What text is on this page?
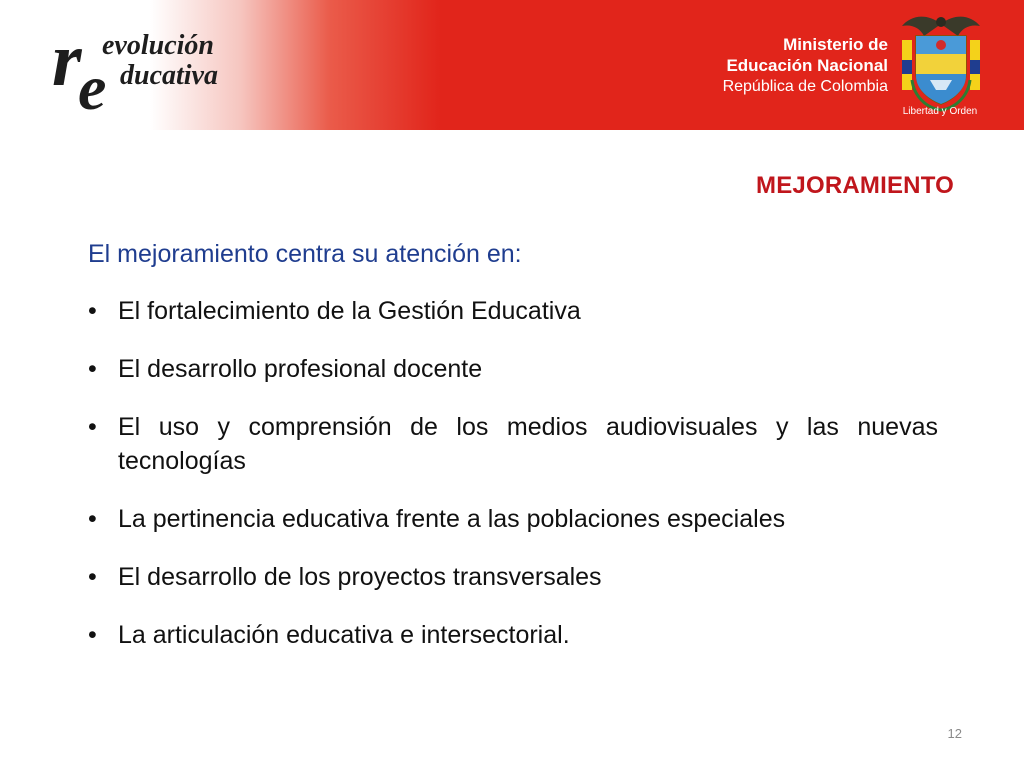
r
e
evolución
ducativa
Ministerio de
Educación Nacional
República de Colombia
Libertad y Orden
MEJORAMIENTO
El mejoramiento centra su atención en:
• El fortalecimiento de la Gestión Educativa
• El desarrollo profesional docente
• El uso y comprensión de los medios audiovisuales y las nuevas tecnologías
• La pertinencia educativa frente a las poblaciones especiales
• El desarrollo de los proyectos transversales
• La articulación educativa e intersectorial.
12
